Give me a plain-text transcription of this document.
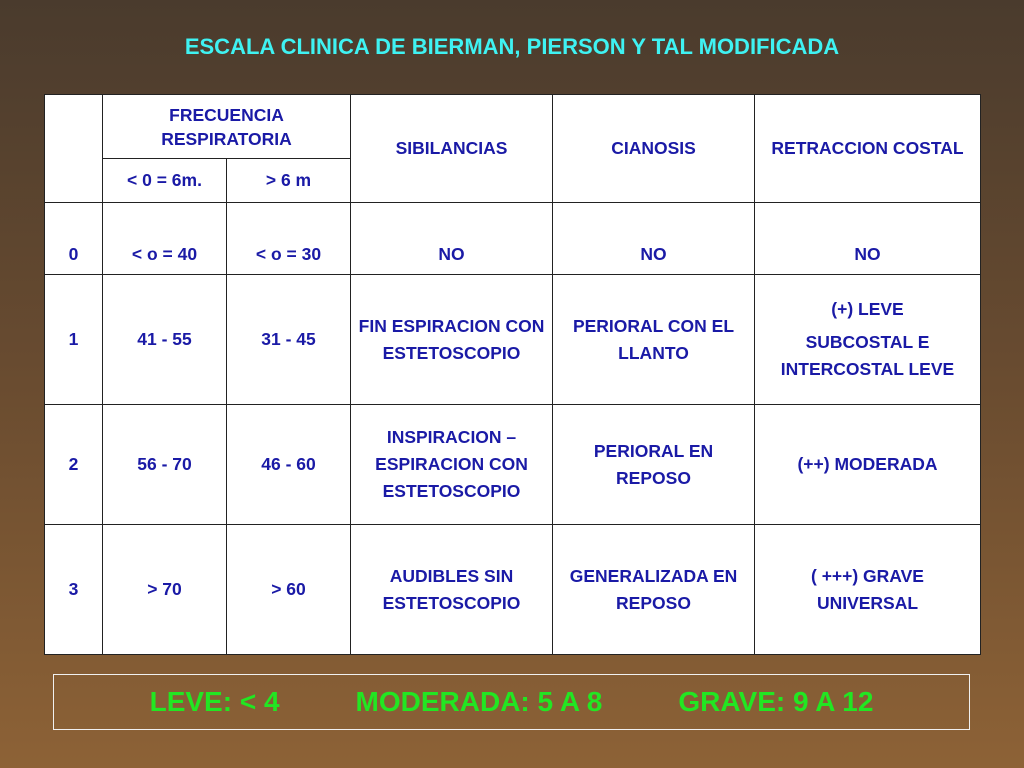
ESCALA CLINICA DE BIERMAN, PIERSON Y TAL MODIFICADA
	FRECUENCIA RESPIRATORIA		SIBILANCIAS	CIANOSIS	RETRACCION COSTAL
	< 0 = 6m.	> 6 m			
0	< o = 40	< o = 30	NO	NO	NO
1	41 - 55	31 - 45	FIN ESPIRACION CON ESTETOSCOPIO	PERIORAL CON EL LLANTO	(+) LEVE
SUBCOSTAL E INTERCOSTAL LEVE

2	56 - 70	46 - 60	INSPIRACION – ESPIRACION CON ESTETOSCOPIO	PERIORAL EN REPOSO	(++) MODERADA
3	> 70	> 60	AUDIBLES SIN ESTETOSCOPIO	GENERALIZADA EN REPOSO	( +++) GRAVE UNIVERSAL
LEVE: < 4	MODERADA: 5 A 8	GRAVE: 9 A 12
